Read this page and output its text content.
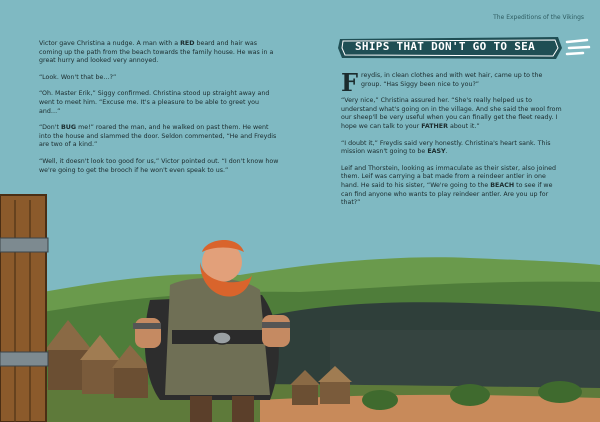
The Expeditions of the Vikings

Victor gave Christina a nudge. A man with a RED beard and hair was coming up the path from the beach towards the family house. He was in a great hurry and looked very annoyed.

“Look. Won't that be…?”

“Oh. Master Erik,” Siggy confirmed. Christina stood up straight away and went to meet him. “Excuse me. It's a pleasure to be able to greet you and…”

“Don't BUG me!” roared the man, and he walked on past them. He went into the house and slammed the door. Seldon commented, “He and Freydis are two of a kind.”

“Well, it doesn't look too good for us,” Victor pointed out. “I don't know how we're going to get the brooch if he won't even speak to us.”

SHIPS THAT DON'T GO TO SEA

Freydis, in clean clothes and with wet hair, came up to the group. “Has Siggy been nice to you?”

“Very nice,” Christina assured her. “She's really helped us to understand what's going on in the village. And she said the wool from our sheep'll be very useful when you can finally get the fleet ready. I hope we can talk to your FATHER about it.”

“I doubt it,” Freydis said very honestly. Christina's heart sank. This mission wasn't going to be EASY.

Leif and Thorstein, looking as immaculate as their sister, also joined them. Leif was carrying a bat made from a reindeer antler in one hand. He said to his sister, “We're going to the BEACH to see if we can find anyone who wants to play reindeer antler. Are you up for that?”
